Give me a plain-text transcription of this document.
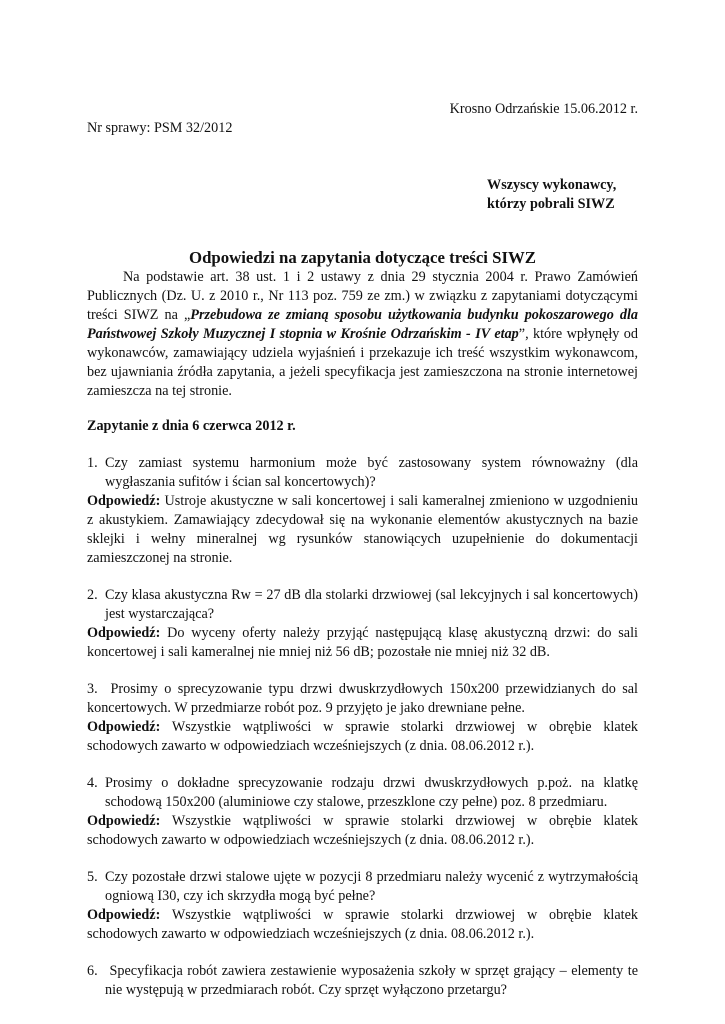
Krosno Odrzańskie 15.06.2012 r.

Nr sprawy: PSM 32/2012

Wszyscy wykonawcy,
którzy pobrali SIWZ

Odpowiedzi na zapytania dotyczące treści SIWZ

Na podstawie art. 38 ust. 1 i 2 ustawy z dnia 29 stycznia 2004 r. Prawo Zamówień Publicznych (Dz. U. z 2010 r., Nr 113 poz. 759 ze zm.) w związku z zapytaniami dotyczącymi treści SIWZ na „Przebudowa ze zmianą sposobu użytkowania budynku pokoszarowego dla Państwowej Szkoły Muzycznej I stopnia w Krośnie Odrzańskim - IV etap”, które wpłynęły od wykonawców, zamawiający udziela wyjaśnień i przekazuje ich treść wszystkim wykonawcom, bez ujawniania źródła zapytania, a jeżeli specyfikacja jest zamieszczona na stronie internetowej zamieszcza na tej stronie.

Zapytanie z dnia 6 czerwca 2012 r.

1. Czy zamiast systemu harmonium może być zastosowany system równoważny (dla wygłaszania sufitów i ścian sal koncertowych)?

Odpowiedź: Ustroje akustyczne w sali koncertowej i sali kameralnej zmieniono w uzgodnieniu z akustykiem. Zamawiający zdecydował się na wykonanie elementów akustycznych na bazie sklejki i wełny mineralnej wg rysunków stanowiących uzupełnienie do dokumentacji zamieszczonej na stronie.

2. Czy klasa akustyczna Rw = 27 dB dla stolarki drzwiowej (sal lekcyjnych i sal koncertowych) jest wystarczająca?

Odpowiedź: Do wyceny oferty należy przyjąć następującą klasę akustyczną drzwi: do sali koncertowej i sali kameralnej nie mniej niż 56 dB; pozostałe nie mniej niż 32 dB.

3. Prosimy o sprecyzowanie typu drzwi dwuskrzydłowych 150x200 przewidzianych do sal koncertowych. W przedmiarze robót poz. 9 przyjęto je jako drewniane pełne.

Odpowiedź: Wszystkie wątpliwości w sprawie stolarki drzwiowej w obrębie klatek schodowych zawarto w odpowiedziach wcześniejszych (z dnia. 08.06.2012 r.).

4. Prosimy o dokładne sprecyzowanie rodzaju drzwi dwuskrzydłowych p.poż. na klatkę schodową 150x200 (aluminiowe czy stalowe, przeszklone czy pełne) poz. 8 przedmiaru.

Odpowiedź: Wszystkie wątpliwości w sprawie stolarki drzwiowej w obrębie klatek schodowych zawarto w odpowiedziach wcześniejszych (z dnia. 08.06.2012 r.).

5. Czy pozostałe drzwi stalowe ujęte w pozycji 8 przedmiaru należy wycenić z wytrzymałością ogniową I30, czy ich skrzydła mogą być pełne?

Odpowiedź: Wszystkie wątpliwości w sprawie stolarki drzwiowej w obrębie klatek schodowych zawarto w odpowiedziach wcześniejszych (z dnia. 08.06.2012 r.).

6. Specyfikacja robót zawiera zestawienie wyposażenia szkoły w sprzęt grający – elementy te nie występują w przedmiarach robót. Czy sprzęt wyłączono przetargu?
